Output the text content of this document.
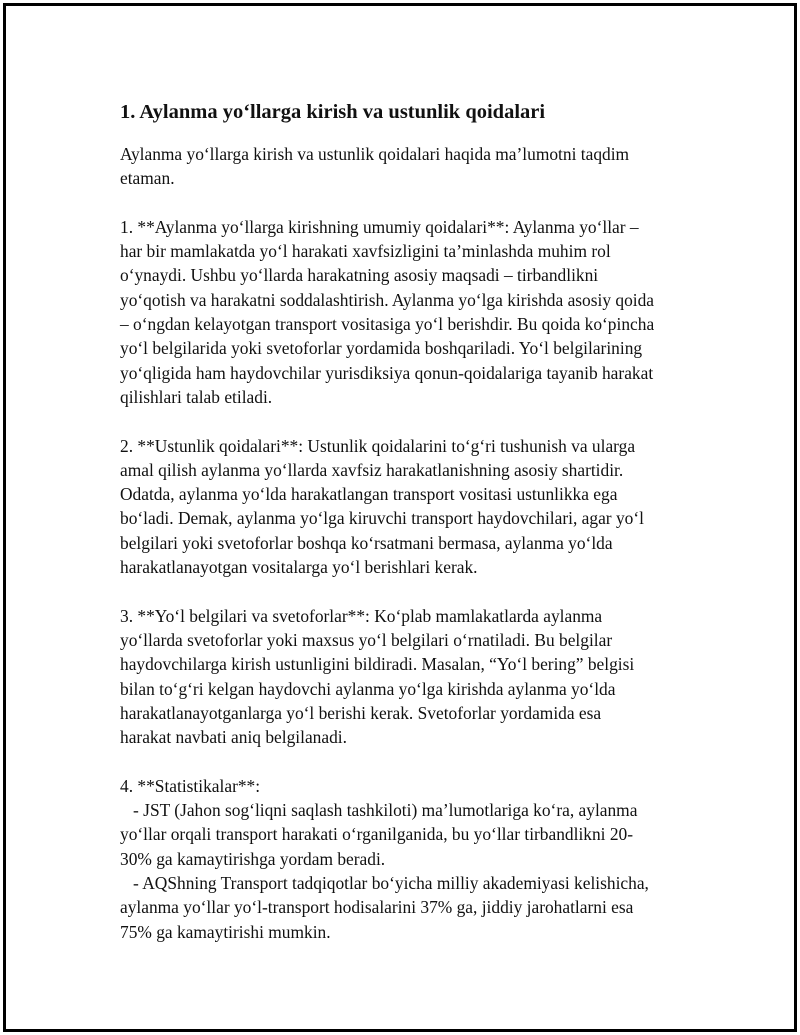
1. Aylanma yo‘llarga kirish va ustunlik qoidalari
Aylanma yo‘llarga kirish va ustunlik qoidalari haqida ma’lumotni taqdim
etaman.
1. **Aylanma yo‘llarga kirishning umumiy qoidalari**: Aylanma yo‘llar –
har bir mamlakatda yo‘l harakati xavfsizligini ta’minlashda muhim rol
o‘ynaydi. Ushbu yo‘llarda harakatning asosiy maqsadi – tirbandlikni
yo‘qotish va harakatni soddalashtirish. Aylanma yo‘lga kirishda asosiy qoida
– o‘ngdan kelayotgan transport vositasiga yo‘l berishdir. Bu qoida ko‘pincha
yo‘l belgilarida yoki svetoforlar yordamida boshqariladi. Yo‘l belgilarining
yo‘qligida ham haydovchilar yurisdiksiya qonun-qoidalariga tayanib harakat
qilishlari talab etiladi.
2. **Ustunlik qoidalari**: Ustunlik qoidalarini to‘g‘ri tushunish va ularga
amal qilish aylanma yo‘llarda xavfsiz harakatlanishning asosiy shartidir.
Odatda, aylanma yo‘lda harakatlangan transport vositasi ustunlikka ega
bo‘ladi. Demak, aylanma yo‘lga kiruvchi transport haydovchilari, agar yo‘l
belgilari yoki svetoforlar boshqa ko‘rsatmani bermasa, aylanma yo‘lda
harakatlanayotgan vositalarga yo‘l berishlari kerak.
3. **Yo‘l belgilari va svetoforlar**: Ko‘plab mamlakatlarda aylanma
yo‘llarda svetoforlar yoki maxsus yo‘l belgilari o‘rnatiladi. Bu belgilar
haydovchilarga kirish ustunligini bildiradi. Masalan, “Yo‘l bering” belgisi
bilan to‘g‘ri kelgan haydovchi aylanma yo‘lga kirishda aylanma yo‘lda
harakatlanayotganlarga yo‘l berishi kerak. Svetoforlar yordamida esa
harakat navbati aniq belgilanadi.
4. **Statistikalar**:
- JST (Jahon sog‘liqni saqlash tashkiloti) ma’lumotlariga ko‘ra, aylanma
yo‘llar orqali transport harakati o‘rganilganida, bu yo‘llar tirbandlikni 20-
30% ga kamaytirishga yordam beradi.
- AQShning Transport tadqiqotlar bo‘yicha milliy akademiyasi kelishicha,
aylanma yo‘llar yo‘l-transport hodisalarini 37% ga, jiddiy jarohatlarni esa
75% ga kamaytirishi mumkin.
